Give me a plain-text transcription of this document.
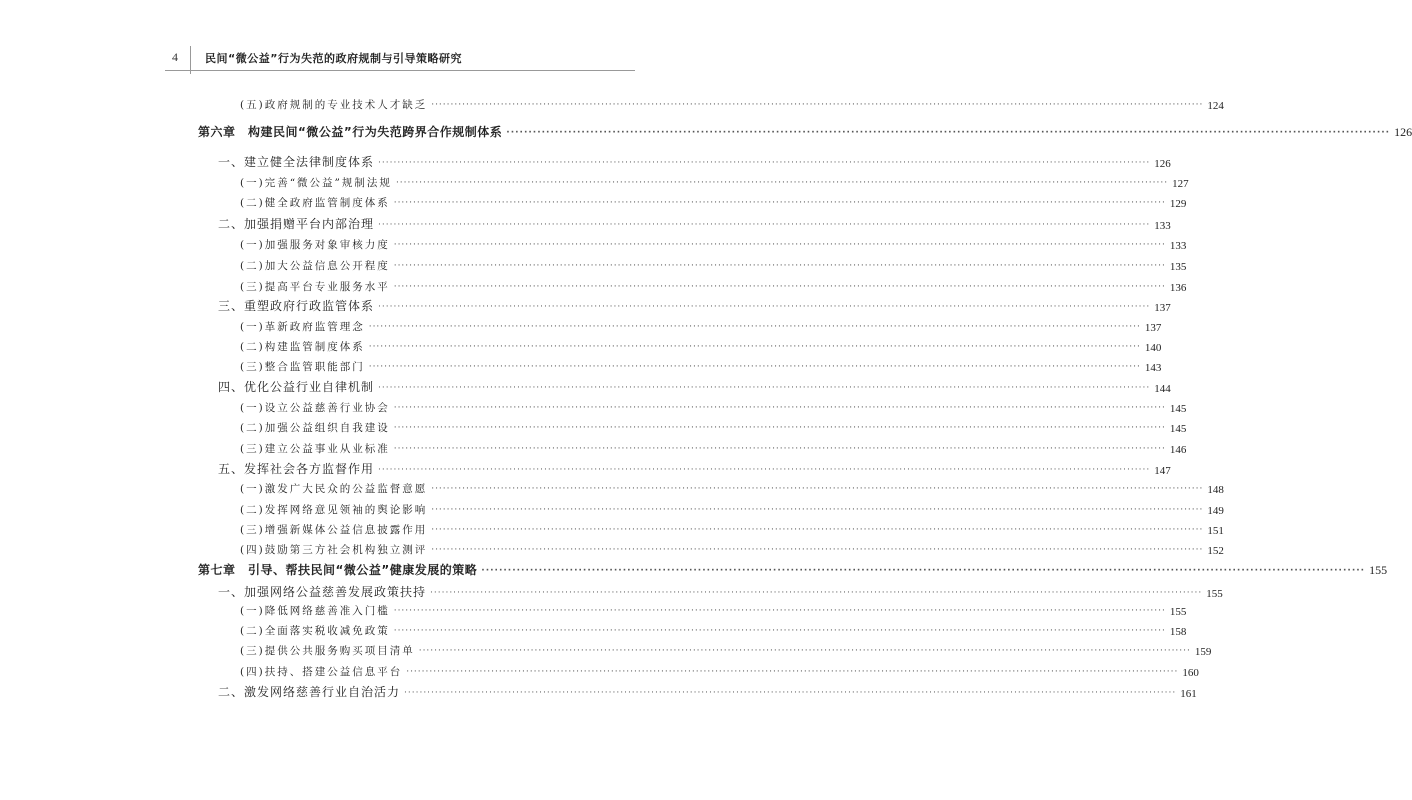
4 民间“微公益”行为失范的政府规制与引导策略研究
(五)政府规制的专业技术人才缺乏 ········································································································································································································ 124
第六章　构建民间“微公益”行为失范跨界合作规制体系 ········································································································································································································ 126
一、建立健全法律制度体系 ········································································································································································································ 126
(一)完善“微公益”规制法规 ········································································································································································································ 127
(二)健全政府监管制度体系 ········································································································································································································ 129
二、加强捐赠平台内部治理 ········································································································································································································ 133
(一)加强服务对象审核力度 ········································································································································································································ 133
(二)加大公益信息公开程度 ········································································································································································································ 135
(三)提高平台专业服务水平 ········································································································································································································ 136
三、重塑政府行政监管体系 ········································································································································································································ 137
(一)革新政府监管理念 ········································································································································································································ 137
(二)构建监管制度体系 ········································································································································································································ 140
(三)整合监管职能部门 ········································································································································································································ 143
四、优化公益行业自律机制 ········································································································································································································ 144
(一)设立公益慈善行业协会 ········································································································································································································ 145
(二)加强公益组织自我建设 ········································································································································································································ 145
(三)建立公益事业从业标准 ········································································································································································································ 146
五、发挥社会各方监督作用 ········································································································································································································ 147
(一)激发广大民众的公益监督意愿 ········································································································································································································ 148
(二)发挥网络意见领袖的舆论影响 ········································································································································································································ 149
(三)增强新媒体公益信息披露作用 ········································································································································································································ 151
(四)鼓励第三方社会机构独立测评 ········································································································································································································ 152
第七章　引导、帮扶民间“微公益”健康发展的策略 ········································································································································································································ 155
一、加强网络公益慈善发展政策扶持 ········································································································································································································ 155
(一)降低网络慈善准入门槛 ········································································································································································································ 155
(二)全面落实税收减免政策 ········································································································································································································ 158
(三)提供公共服务购买项目清单 ········································································································································································································ 159
(四)扶持、搭建公益信息平台 ········································································································································································································ 160
二、激发网络慈善行业自治活力 ········································································································································································································ 161
